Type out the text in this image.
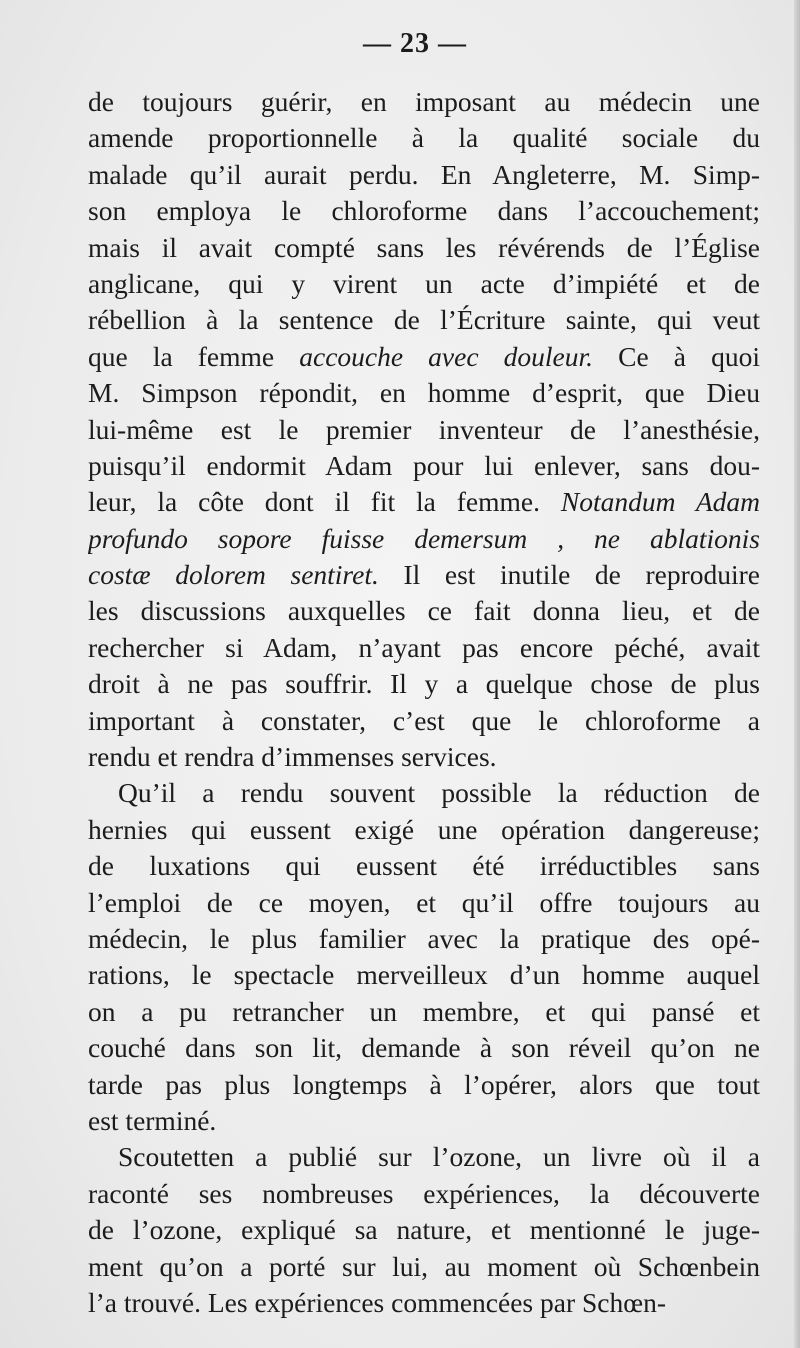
— 23 —
de toujours guérir, en imposant au médecin une
amende proportionnelle à la qualité sociale du
malade qu’il aurait perdu. En Angleterre, M. Simp-
son employa le chloroforme dans l’accouchement;
mais il avait compté sans les révérends de l’Église
anglicane, qui y virent un acte d’impiété et de
rébellion à la sentence de l’Écriture sainte, qui veut
que la femme accouche avec douleur. Ce à quoi
M. Simpson répondit, en homme d’esprit, que Dieu
lui-même est le premier inventeur de l’anesthésie,
puisqu’il endormit Adam pour lui enlever, sans dou-
leur, la côte dont il fit la femme. Notandum Adam
profundo sopore fuisse demersum , ne ablationis
costæ dolorem sentiret. Il est inutile de reproduire
les discussions auxquelles ce fait donna lieu, et de
rechercher si Adam, n’ayant pas encore péché, avait
droit à ne pas souffrir. Il y a quelque chose de plus
important à constater, c’est que le chloroforme a
rendu et rendra d’immenses services.
Qu’il a rendu souvent possible la réduction de
hernies qui eussent exigé une opération dangereuse;
de luxations qui eussent été irréductibles sans
l’emploi de ce moyen, et qu’il offre toujours au
médecin, le plus familier avec la pratique des opé-
rations, le spectacle merveilleux d’un homme auquel
on a pu retrancher un membre, et qui pansé et
couché dans son lit, demande à son réveil qu’on ne
tarde pas plus longtemps à l’opérer, alors que tout
est terminé.
Scoutetten a publié sur l’ozone, un livre où il a
raconté ses nombreuses expériences, la découverte
de l’ozone, expliqué sa nature, et mentionné le juge-
ment qu’on a porté sur lui, au moment où Schœnbein
l’a trouvé. Les expériences commencées par Schœn-
